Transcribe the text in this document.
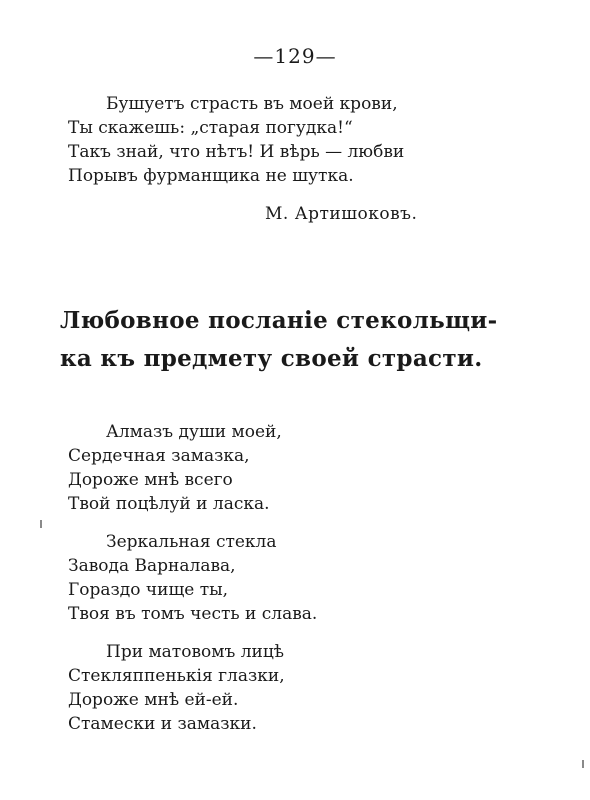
—129—
Бушуетъ страсть въ моей крови,
Ты скажешь: „старая погудка!“
Такъ знай, что нѣтъ! И вѣрь — любви
Порывъ фурманщика не шутка.
М. Артишоковъ.
Любовное посланіе стекольщи-
ка къ предмету своей страсти.
Алмазъ души моей,
Сердечная замазка,
Дороже мнѣ всего
Твой поцѣлуй и ласка.
Зеркальная стекла
Завода Варналава,
Гораздо чище ты,
Твоя въ томъ честь и слава.
При матовомъ лицѣ
Стекляппенькія глазки,
Дороже мнѣ ей-ей.
Стамески и замазки.
